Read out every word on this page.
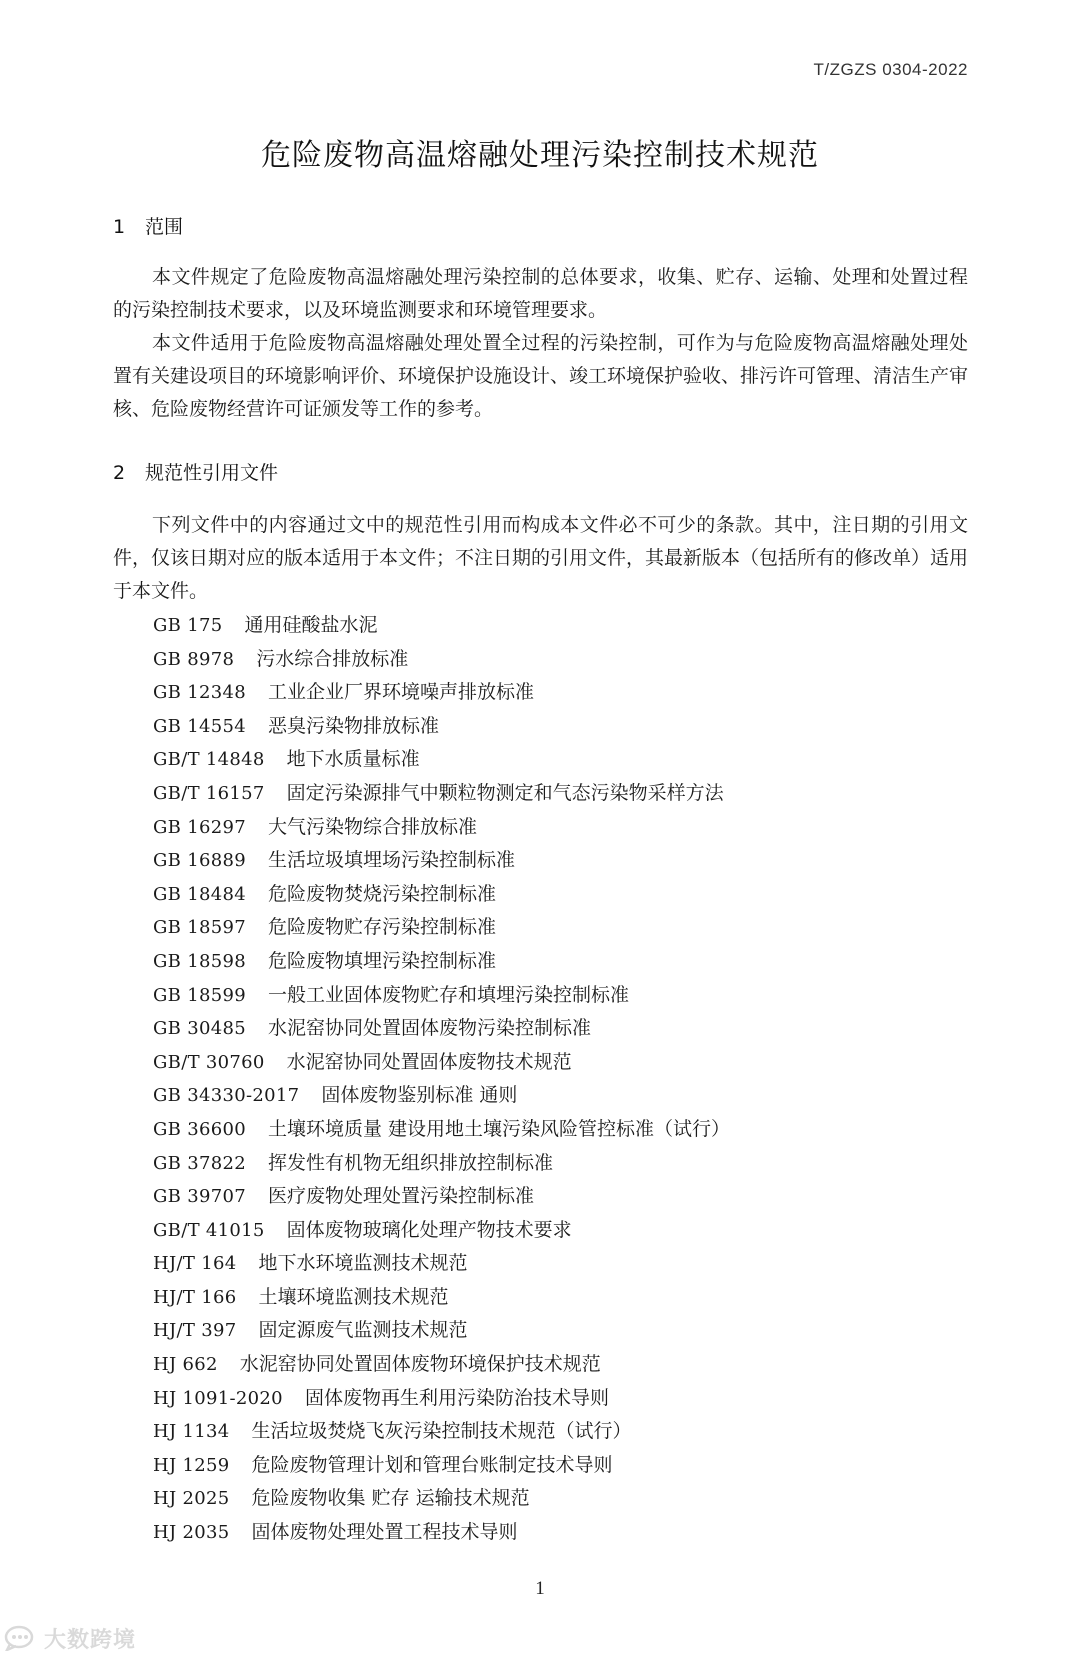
T/ZGZS 0304-2022
危险废物高温熔融处理污染控制技术规范
1 范围

本文件规定了危险废物高温熔融处理污染控制的总体要求，收集、贮存、运输、处理和处置过程的污染控制技术要求，以及环境监测要求和环境管理要求。

本文件适用于危险废物高温熔融处理处置全过程的污染控制，可作为与危险废物高温熔融处理处置有关建设项目的环境影响评价、环境保护设施设计、竣工环境保护验收、排污许可管理、清洁生产审核、危险废物经营许可证颁发等工作的参考。

2 规范性引用文件

下列文件中的内容通过文中的规范性引用而构成本文件必不可少的条款。其中，注日期的引用文件，仅该日期对应的版本适用于本文件；不注日期的引用文件，其最新版本（包括所有的修改单）适用于本文件。

GB 175 通用硅酸盐水泥
GB 8978 污水综合排放标准
GB 12348 工业企业厂界环境噪声排放标准
GB 14554 恶臭污染物排放标准
GB/T 14848 地下水质量标准
GB/T 16157 固定污染源排气中颗粒物测定和气态污染物采样方法
GB 16297 大气污染物综合排放标准
GB 16889 生活垃圾填埋场污染控制标准
GB 18484 危险废物焚烧污染控制标准
GB 18597 危险废物贮存污染控制标准
GB 18598 危险废物填埋污染控制标准
GB 18599 一般工业固体废物贮存和填埋污染控制标准
GB 30485 水泥窑协同处置固体废物污染控制标准
GB/T 30760 水泥窑协同处置固体废物技术规范
GB 34330-2017 固体废物鉴别标准 通则
GB 36600 土壤环境质量 建设用地土壤污染风险管控标准（试行）
GB 37822 挥发性有机物无组织排放控制标准
GB 39707 医疗废物处理处置污染控制标准
GB/T 41015 固体废物玻璃化处理产物技术要求
HJ/T 164 地下水环境监测技术规范
HJ/T 166 土壤环境监测技术规范
HJ/T 397 固定源废气监测技术规范
HJ 662 水泥窑协同处置固体废物环境保护技术规范
HJ 1091-2020 固体废物再生利用污染防治技术导则
HJ 1134 生活垃圾焚烧飞灰污染控制技术规范（试行）
HJ 1259 危险废物管理计划和管理台账制定技术导则
HJ 2025 危险废物收集 贮存 运输技术规范
HJ 2035 固体废物处理处置工程技术导则
1
大数跨境
